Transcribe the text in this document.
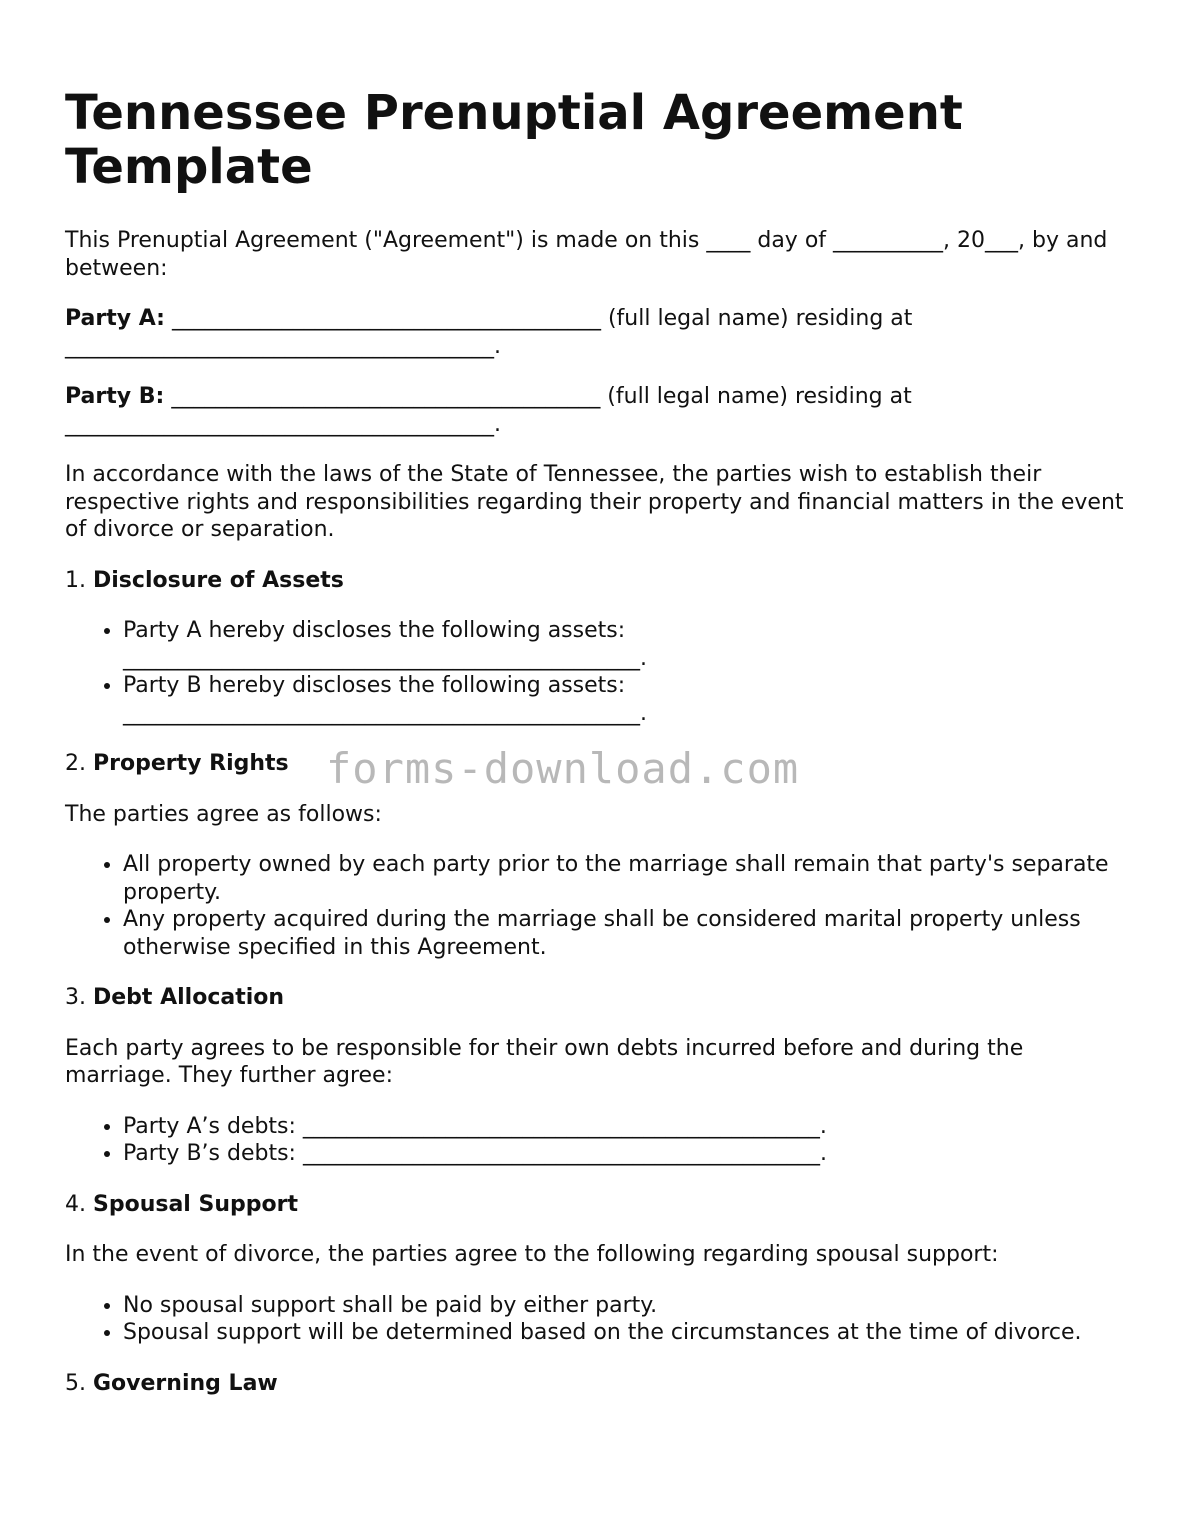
Tennessee Prenuptial Agreement Template

This Prenuptial Agreement ("Agreement") is made on this ____ day of __________, 20___, by and between:

Party A: _______________________________________ (full legal name) residing at _______________________________________.

Party B: _______________________________________ (full legal name) residing at _______________________________________.

In accordance with the laws of the State of Tennessee, the parties wish to establish their respective rights and responsibilities regarding their property and financial matters in the event of divorce or separation.

1. Disclosure of Assets
• Party A hereby discloses the following assets: _______________________________________________.
• Party B hereby discloses the following assets: _______________________________________________.
2. Property Rights

The parties agree as follows:

• All property owned by each party prior to the marriage shall remain that party's separate property.
• Any property acquired during the marriage shall be considered marital property unless otherwise specified in this Agreement.
3. Debt Allocation

Each party agrees to be responsible for their own debts incurred before and during the marriage. They further agree:

• Party A’s debts: _______________________________________________.
• Party B’s debts: _______________________________________________.
4. Spousal Support

In the event of divorce, the parties agree to the following regarding spousal support:

• No spousal support shall be paid by either party.
• Spousal support will be determined based on the circumstances at the time of divorce.
5. Governing Law
forms-download.com
